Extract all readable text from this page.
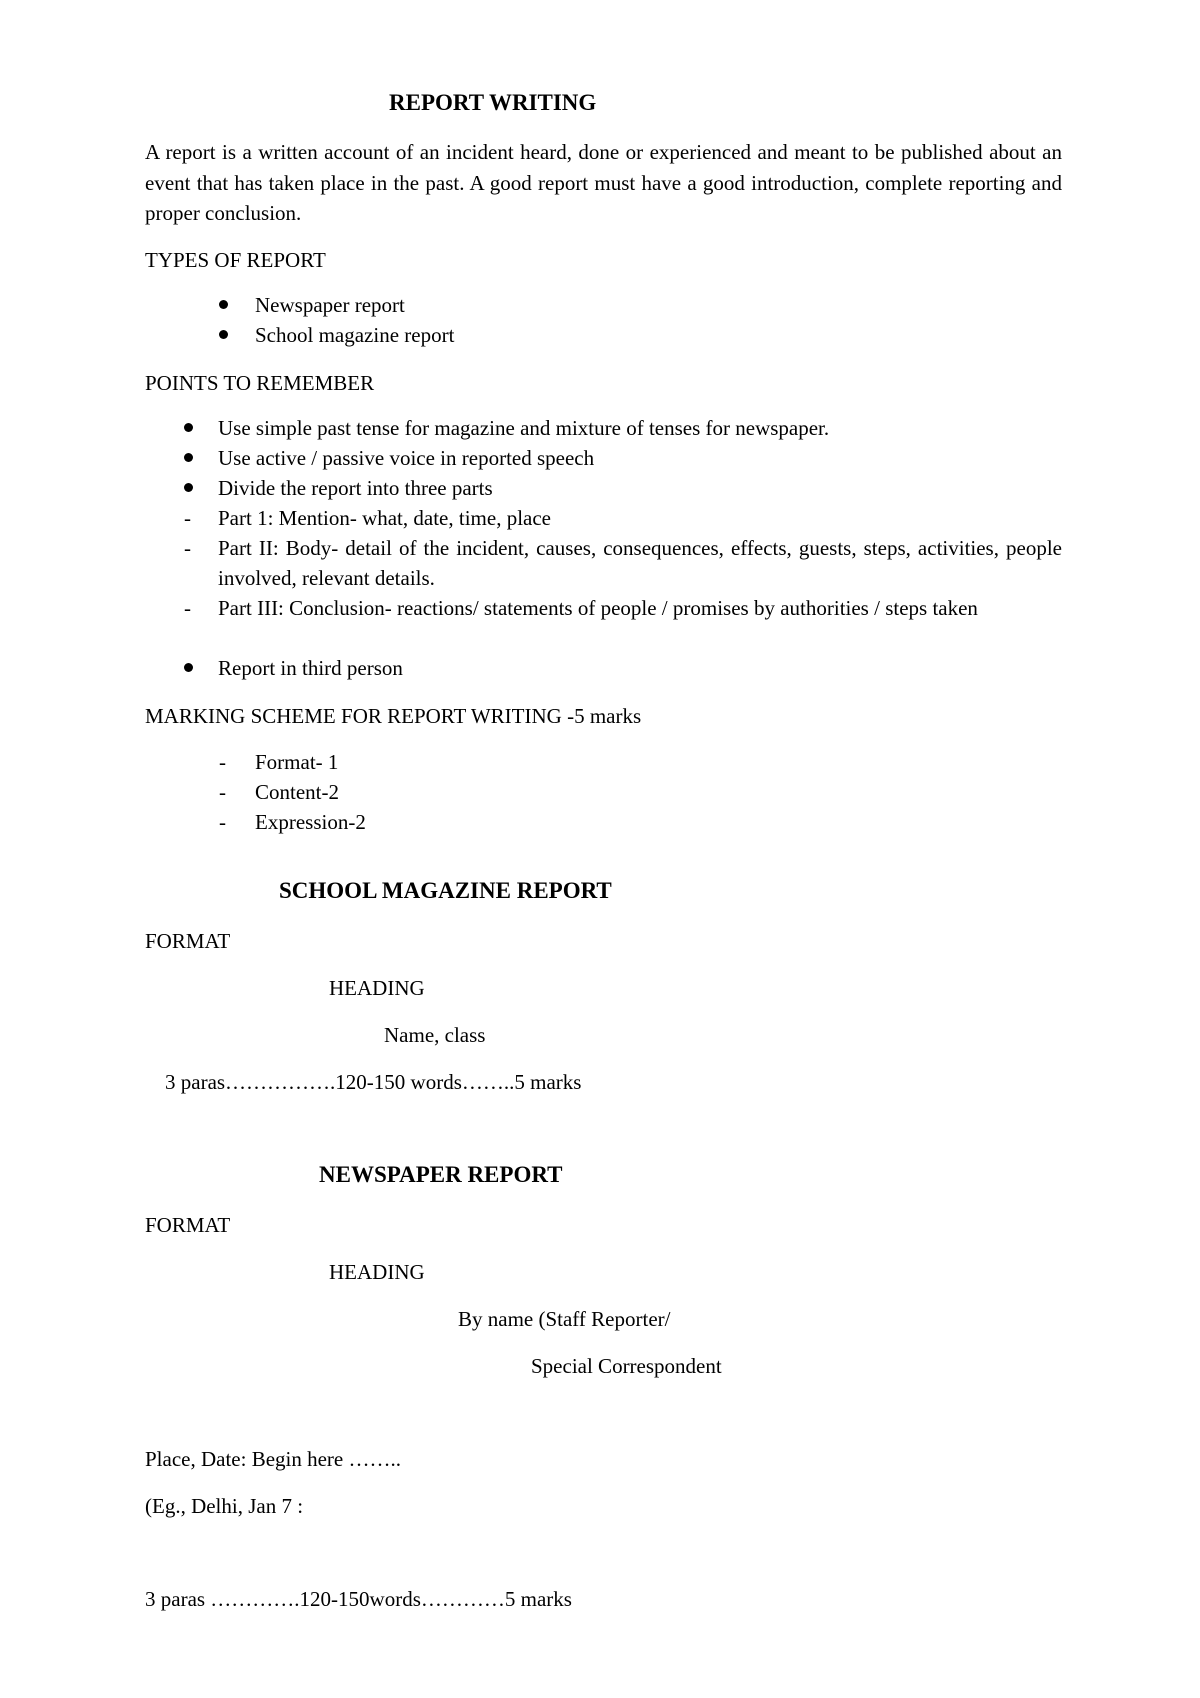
REPORT WRITING
A report is a written account of an incident heard, done or experienced and meant to be published about an event that has taken place in the past. A good report must have a good introduction, complete reporting and proper conclusion.
TYPES OF REPORT
Newspaper report
School magazine report
POINTS TO REMEMBER
Use simple past tense for magazine and mixture of tenses for newspaper.
Use active / passive voice in reported speech
Divide the report into three parts
- Part 1: Mention- what, date, time, place
- Part II: Body- detail of the incident, causes, consequences, effects, guests, steps, activities, people involved, relevant details.
- Part III: Conclusion- reactions/ statements of people / promises by authorities / steps taken
Report in third person
MARKING SCHEME FOR REPORT WRITING -5 marks
- Format- 1
- Content-2
- Expression-2
SCHOOL MAGAZINE REPORT
FORMAT
HEADING
Name, class
3 paras…………….120-150 words……..5 marks
NEWSPAPER REPORT
FORMAT
HEADING
By name (Staff Reporter/
Special Correspondent
Place, Date: Begin here ……..
(Eg., Delhi, Jan 7 :
3 paras ………….120-150words…………5 marks
